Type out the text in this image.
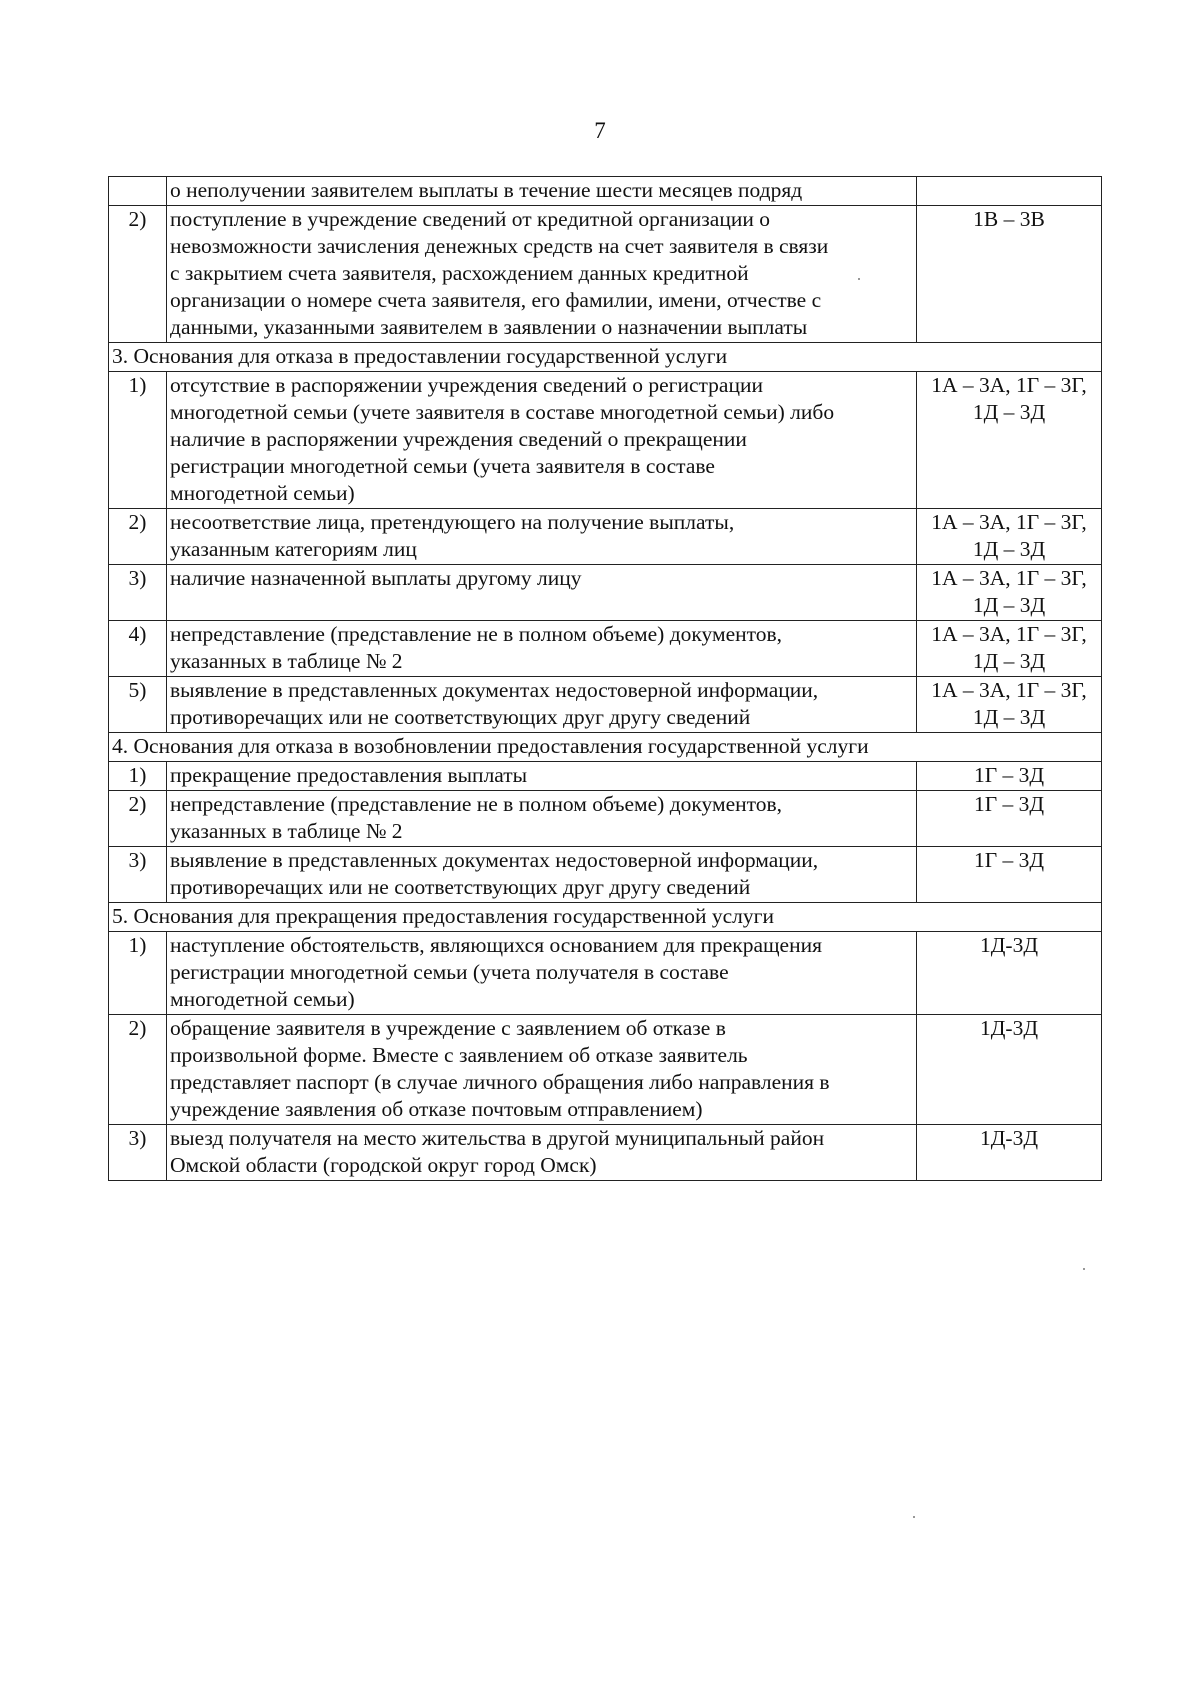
7
	о неполучении заявителем выплаты в течение шести месяцев подряд	
2)	поступление в учреждение сведений от кредитной организации о
невозможности зачисления денежных средств на счет заявителя в связи
с закрытием счета заявителя, расхождением данных кредитной
организации о номере счета заявителя, его фамилии, имени, отчестве с
данными, указанными заявителем в заявлении о назначении выплаты	1В – 3В
3. Основания для отказа в предоставлении государственной услуги		
1)	отсутствие в распоряжении учреждения сведений о регистрации
многодетной семьи (учете заявителя в составе многодетной семьи) либо
наличие в распоряжении учреждения сведений о прекращении
регистрации многодетной семьи (учета заявителя в составе
многодетной семьи)	1А – 3А, 1Г – 3Г,
1Д – 3Д
2)	несоответствие лица, претендующего на получение выплаты,
указанным категориям лиц	1А – 3А, 1Г – 3Г,
1Д – 3Д
3)	наличие назначенной выплаты другому лицу	1А – 3А, 1Г – 3Г,
1Д – 3Д
4)	непредставление (представление не в полном объеме) документов,
указанных в таблице № 2	1А – 3А, 1Г – 3Г,
1Д – 3Д
5)	выявление в представленных документах недостоверной информации,
противоречащих или не соответствующих друг другу сведений	1А – 3А, 1Г – 3Г,
1Д – 3Д
4. Основания для отказа в возобновлении предоставления государственной услуги		
1)	прекращение предоставления выплаты	1Г – 3Д
2)	непредставление (представление не в полном объеме) документов,
указанных в таблице № 2	1Г – 3Д
3)	выявление в представленных документах недостоверной информации,
противоречащих или не соответствующих друг другу сведений	1Г – 3Д
5. Основания для прекращения предоставления государственной услуги		
1)	наступление обстоятельств, являющихся основанием для прекращения
регистрации многодетной семьи (учета получателя в составе
многодетной семьи)	1Д-3Д
2)	обращение заявителя в учреждение с заявлением об отказе в
произвольной форме. Вместе с заявлением об отказе заявитель
представляет паспорт (в случае личного обращения либо направления в
учреждение заявления об отказе почтовым отправлением)	1Д-3Д
3)	выезд получателя на место жительства в другой муниципальный район
Омской области (городской округ город Омск)	1Д-3Д
